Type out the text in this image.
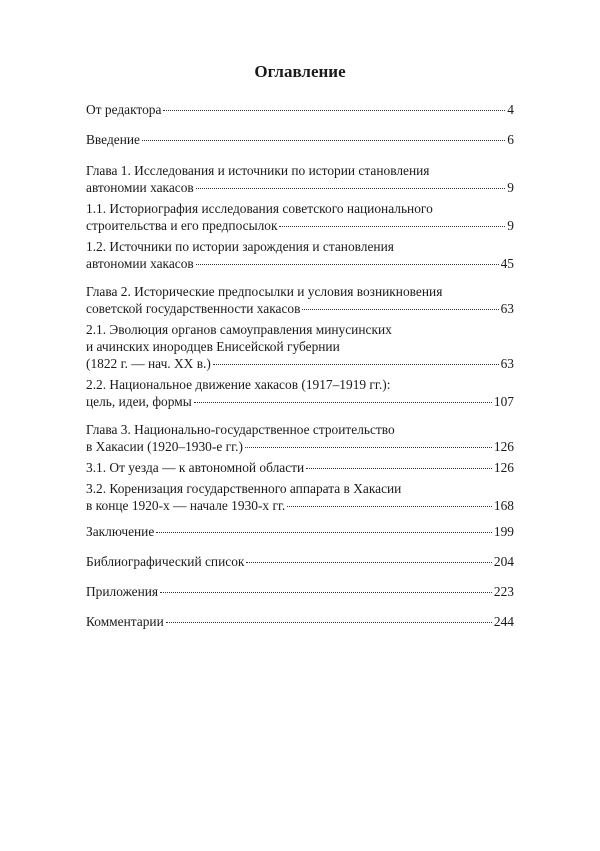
Оглавление
От редактора	4
Введение	6
Глава 1. Исследования и источники по истории становления
автономии хакасов	9
1.1. Историография исследования советского национального
строительства и его предпосылок	9
1.2. Источники по истории зарождения и становления
автономии хакасов	45
Глава 2. Исторические предпосылки и условия возникновения
советской государственности хакасов	63
2.1. Эволюция органов самоуправления минусинских
и ачинских инородцев Енисейской губернии
(1822 г. — нач. XX в.)	63
2.2. Национальное движение хакасов (1917–1919 гг.):
цель, идеи, формы	107
Глава 3. Национально-государственное строительство
в Хакасии (1920–1930-е гг.)	126
3.1. От уезда — к автономной области	126
3.2. Коренизация государственного аппарата в Хакасии
в конце 1920-х — начале 1930-х гг.	168
Заключение	199
Библиографический список	204
Приложения	223
Комментарии	244
